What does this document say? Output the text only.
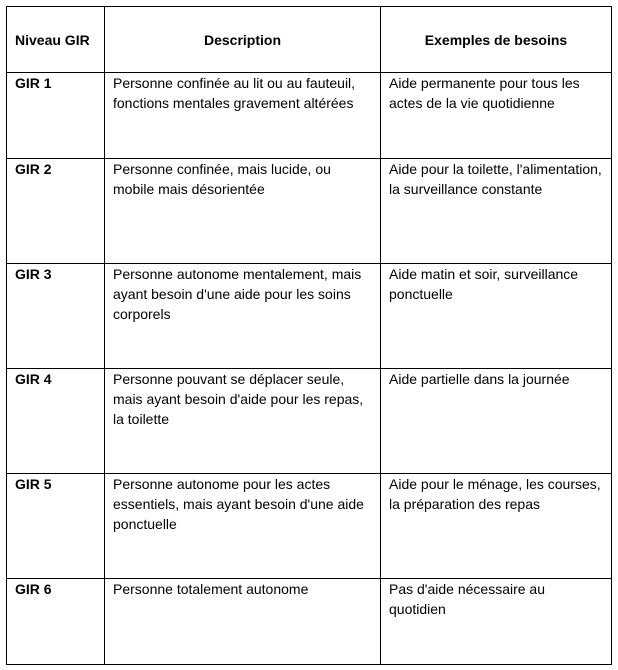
Niveau GIR	Description	Exemples de besoins
GIR 1	Personne confinée au lit ou au fauteuil, fonctions mentales gravement altérées	Aide permanente pour tous les actes de la vie quotidienne
GIR 2	Personne confinée, mais lucide, ou mobile mais désorientée	Aide pour la toilette, l'alimentation, la surveillance constante
GIR 3	Personne autonome mentalement, mais ayant besoin d'une aide pour les soins corporels	Aide matin et soir, surveillance ponctuelle
GIR 4	Personne pouvant se déplacer seule, mais ayant besoin d'aide pour les repas, la toilette	Aide partielle dans la journée
GIR 5	Personne autonome pour les actes essentiels, mais ayant besoin d'une aide ponctuelle	Aide pour le ménage, les courses, la préparation des repas
GIR 6	Personne totalement autonome	Pas d'aide nécessaire au quotidien
